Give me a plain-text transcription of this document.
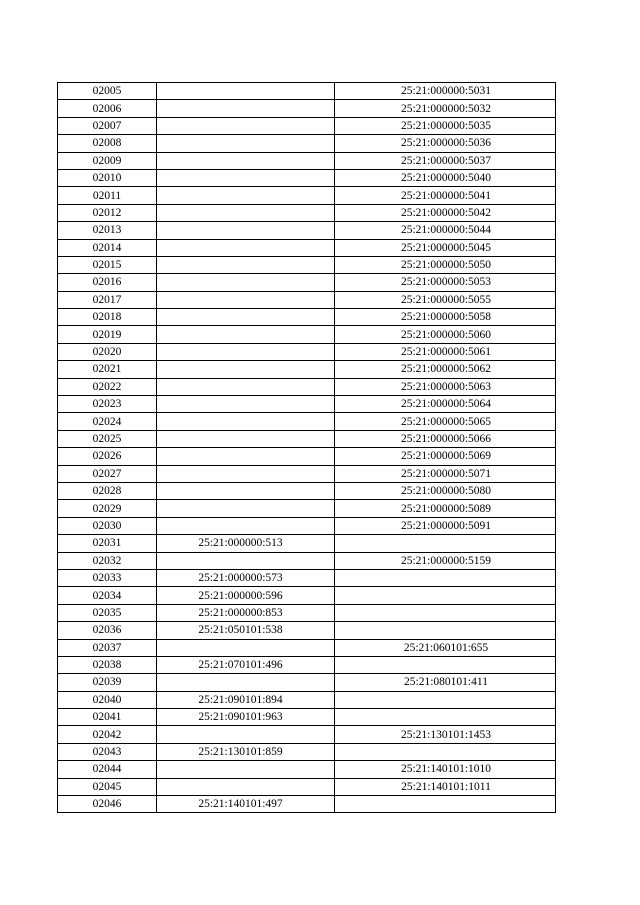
02005		25:21:000000:5031
02006		25:21:000000:5032
02007		25:21:000000:5035
02008		25:21:000000:5036
02009		25:21:000000:5037
02010		25:21:000000:5040
02011		25:21:000000:5041
02012		25:21:000000:5042
02013		25:21:000000:5044
02014		25:21:000000:5045
02015		25:21:000000:5050
02016		25:21:000000:5053
02017		25:21:000000:5055
02018		25:21:000000:5058
02019		25:21:000000:5060
02020		25:21:000000:5061
02021		25:21:000000:5062
02022		25:21:000000:5063
02023		25:21:000000:5064
02024		25:21:000000:5065
02025		25:21:000000:5066
02026		25:21:000000:5069
02027		25:21:000000:5071
02028		25:21:000000:5080
02029		25:21:000000:5089
02030		25:21:000000:5091
02031	25:21:000000:513	
02032		25:21:000000:5159
02033	25:21:000000:573	
02034	25:21:000000:596	
02035	25:21:000000:853	
02036	25:21:050101:538	
02037		25:21:060101:655
02038	25:21:070101:496	
02039		25:21:080101:411
02040	25:21:090101:894	
02041	25:21:090101:963	
02042		25:21:130101:1453
02043	25:21:130101:859	
02044		25:21:140101:1010
02045		25:21:140101:1011
02046	25:21:140101:497	
